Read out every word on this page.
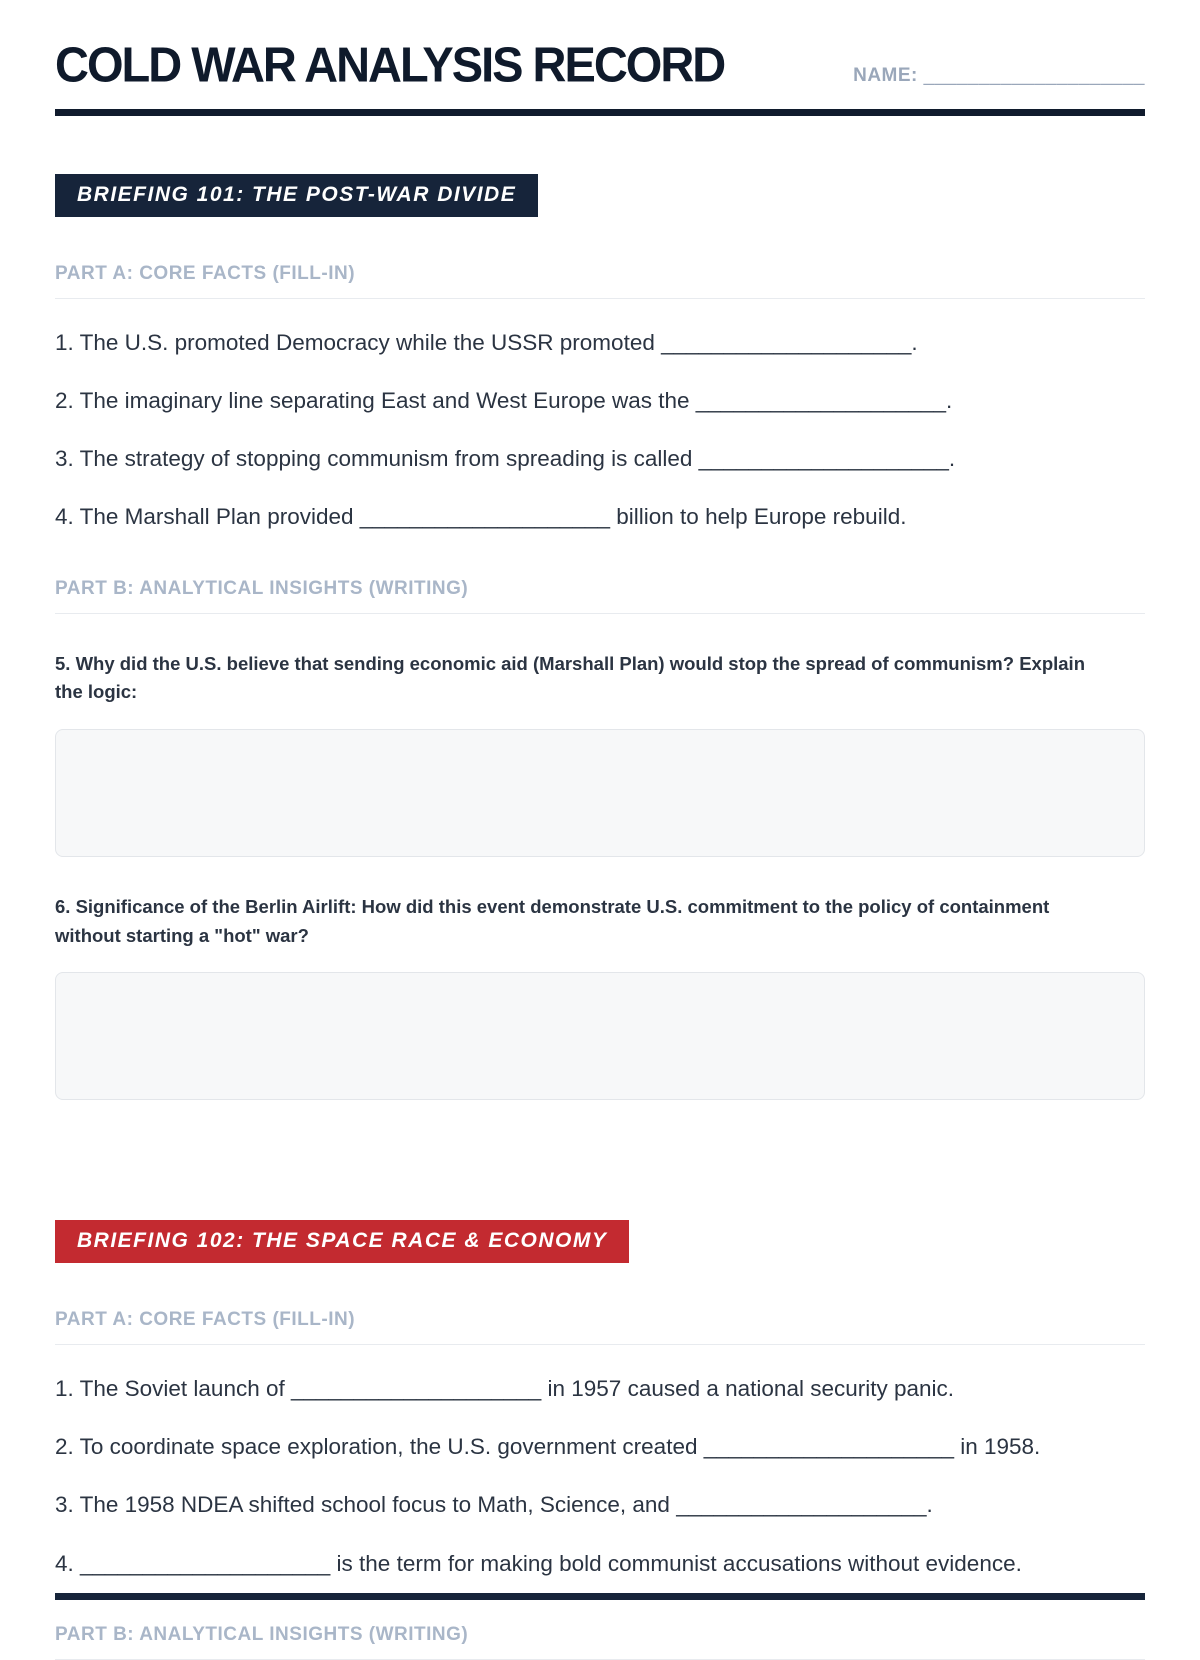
COLD WAR ANALYSIS RECORD	NAME: ____________________
BRIEFING 101: THE POST-WAR DIVIDE
PART A: CORE FACTS (FILL-IN)

1. The U.S. promoted Democracy while the USSR promoted ____________________.

2. The imaginary line separating East and West Europe was the ____________________.

3. The strategy of stopping communism from spreading is called ____________________.

4. The Marshall Plan provided ____________________ billion to help Europe rebuild.

PART B: ANALYTICAL INSIGHTS (WRITING)

5. Why did the U.S. believe that sending economic aid (Marshall Plan) would stop the spread of communism? Explain the logic:

6. Significance of the Berlin Airlift: How did this event demonstrate U.S. commitment to the policy of containment without starting a "hot" war?

BRIEFING 102: THE SPACE RACE & ECONOMY
PART A: CORE FACTS (FILL-IN)

1. The Soviet launch of ____________________ in 1957 caused a national security panic.

2. To coordinate space exploration, the U.S. government created ____________________ in 1958.

3. The 1958 NDEA shifted school focus to Math, Science, and ____________________.

4. ____________________ is the term for making bold communist accusations without evidence.

PART B: ANALYTICAL INSIGHTS (WRITING)
